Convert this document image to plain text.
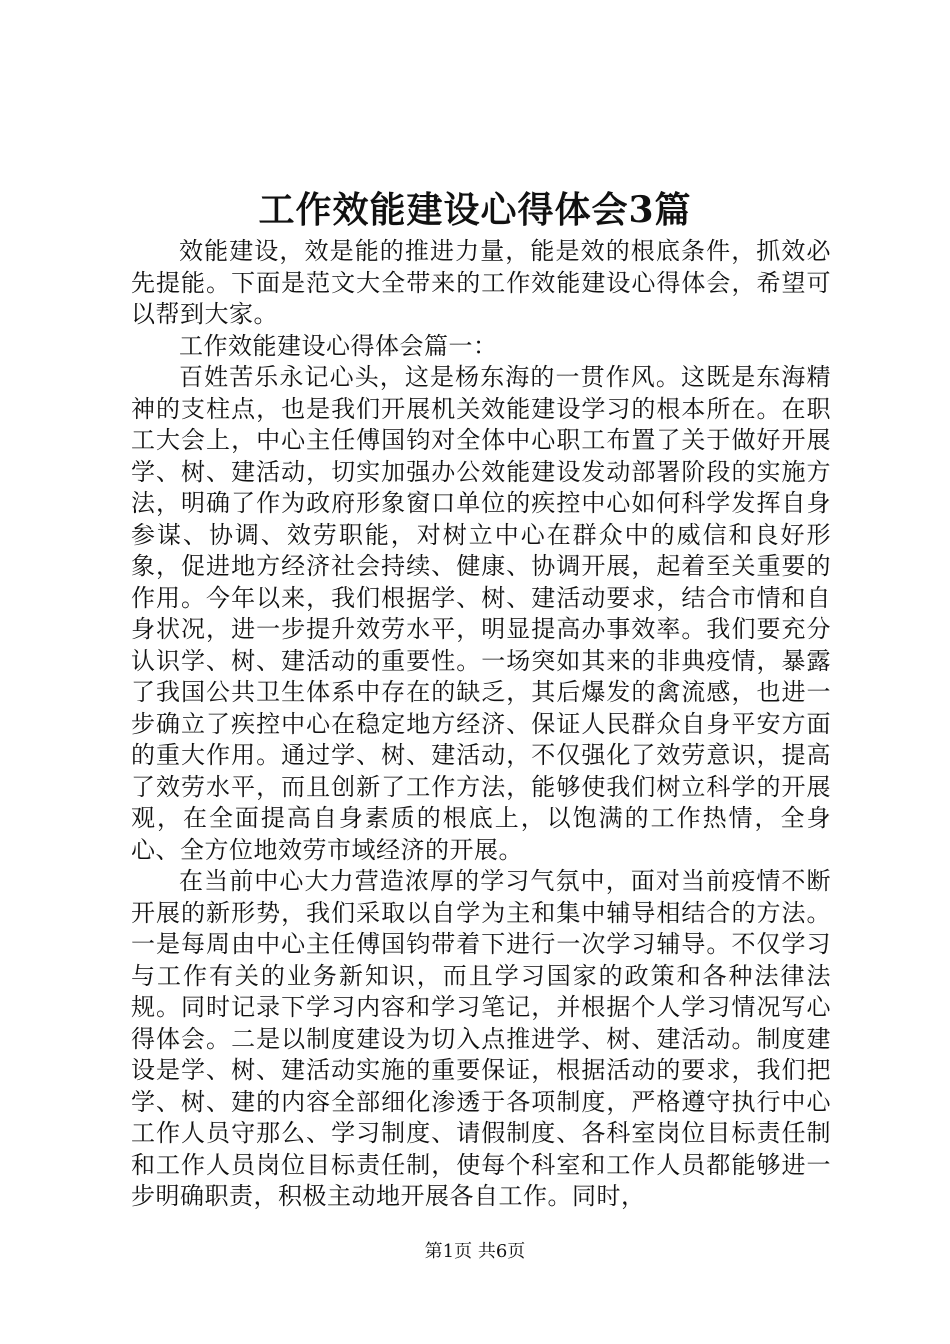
工作效能建设心得体会3篇

效能建设，效是能的推进力量，能是效的根底条件，抓效必先提能。下面是范文大全带来的工作效能建设心得体会，希望可以帮到大家。

工作效能建设心得体会篇一：

百姓苦乐永记心头，这是杨东海的一贯作风。这既是东海精神的支柱点，也是我们开展机关效能建设学习的根本所在。在职工大会上，中心主任傅国钧对全体中心职工布置了关于做好开展学、树、建活动，切实加强办公效能建设发动部署阶段的实施方法，明确了作为政府形象窗口单位的疾控中心如何科学发挥自身参谋、协调、效劳职能，对树立中心在群众中的威信和良好形象，促进地方经济社会持续、健康、协调开展，起着至关重要的作用。今年以来，我们根据学、树、建活动要求，结合市情和自身状况，进一步提升效劳水平，明显提高办事效率。我们要充分认识学、树、建活动的重要性。一场突如其来的非典疫情，暴露了我国公共卫生体系中存在的缺乏，其后爆发的禽流感，也进一步确立了疾控中心在稳定地方经济、保证人民群众自身平安方面的重大作用。通过学、树、建活动，不仅强化了效劳意识，提高了效劳水平，而且创新了工作方法，能够使我们树立科学的开展观，在全面提高自身素质的根底上，以饱满的工作热情，全身心、全方位地效劳市域经济的开展。

在当前中心大力营造浓厚的学习气氛中，面对当前疫情不断开展的新形势，我们采取以自学为主和集中辅导相结合的方法。一是每周由中心主任傅国钧带着下进行一次学习辅导。不仅学习与工作有关的业务新知识，而且学习国家的政策和各种法律法规。同时记录下学习内容和学习笔记，并根据个人学习情况写心得体会。二是以制度建设为切入点推进学、树、建活动。制度建设是学、树、建活动实施的重要保证，根据活动的要求，我们把学、树、建的内容全部细化渗透于各项制度，严格遵守执行中心工作人员守那么、学习制度、请假制度、各科室岗位目标责任制和工作人员岗位目标责任制，使每个科室和工作人员都能够进一步明确职责，积极主动地开展各自工作。同时，

第1页 共6页
